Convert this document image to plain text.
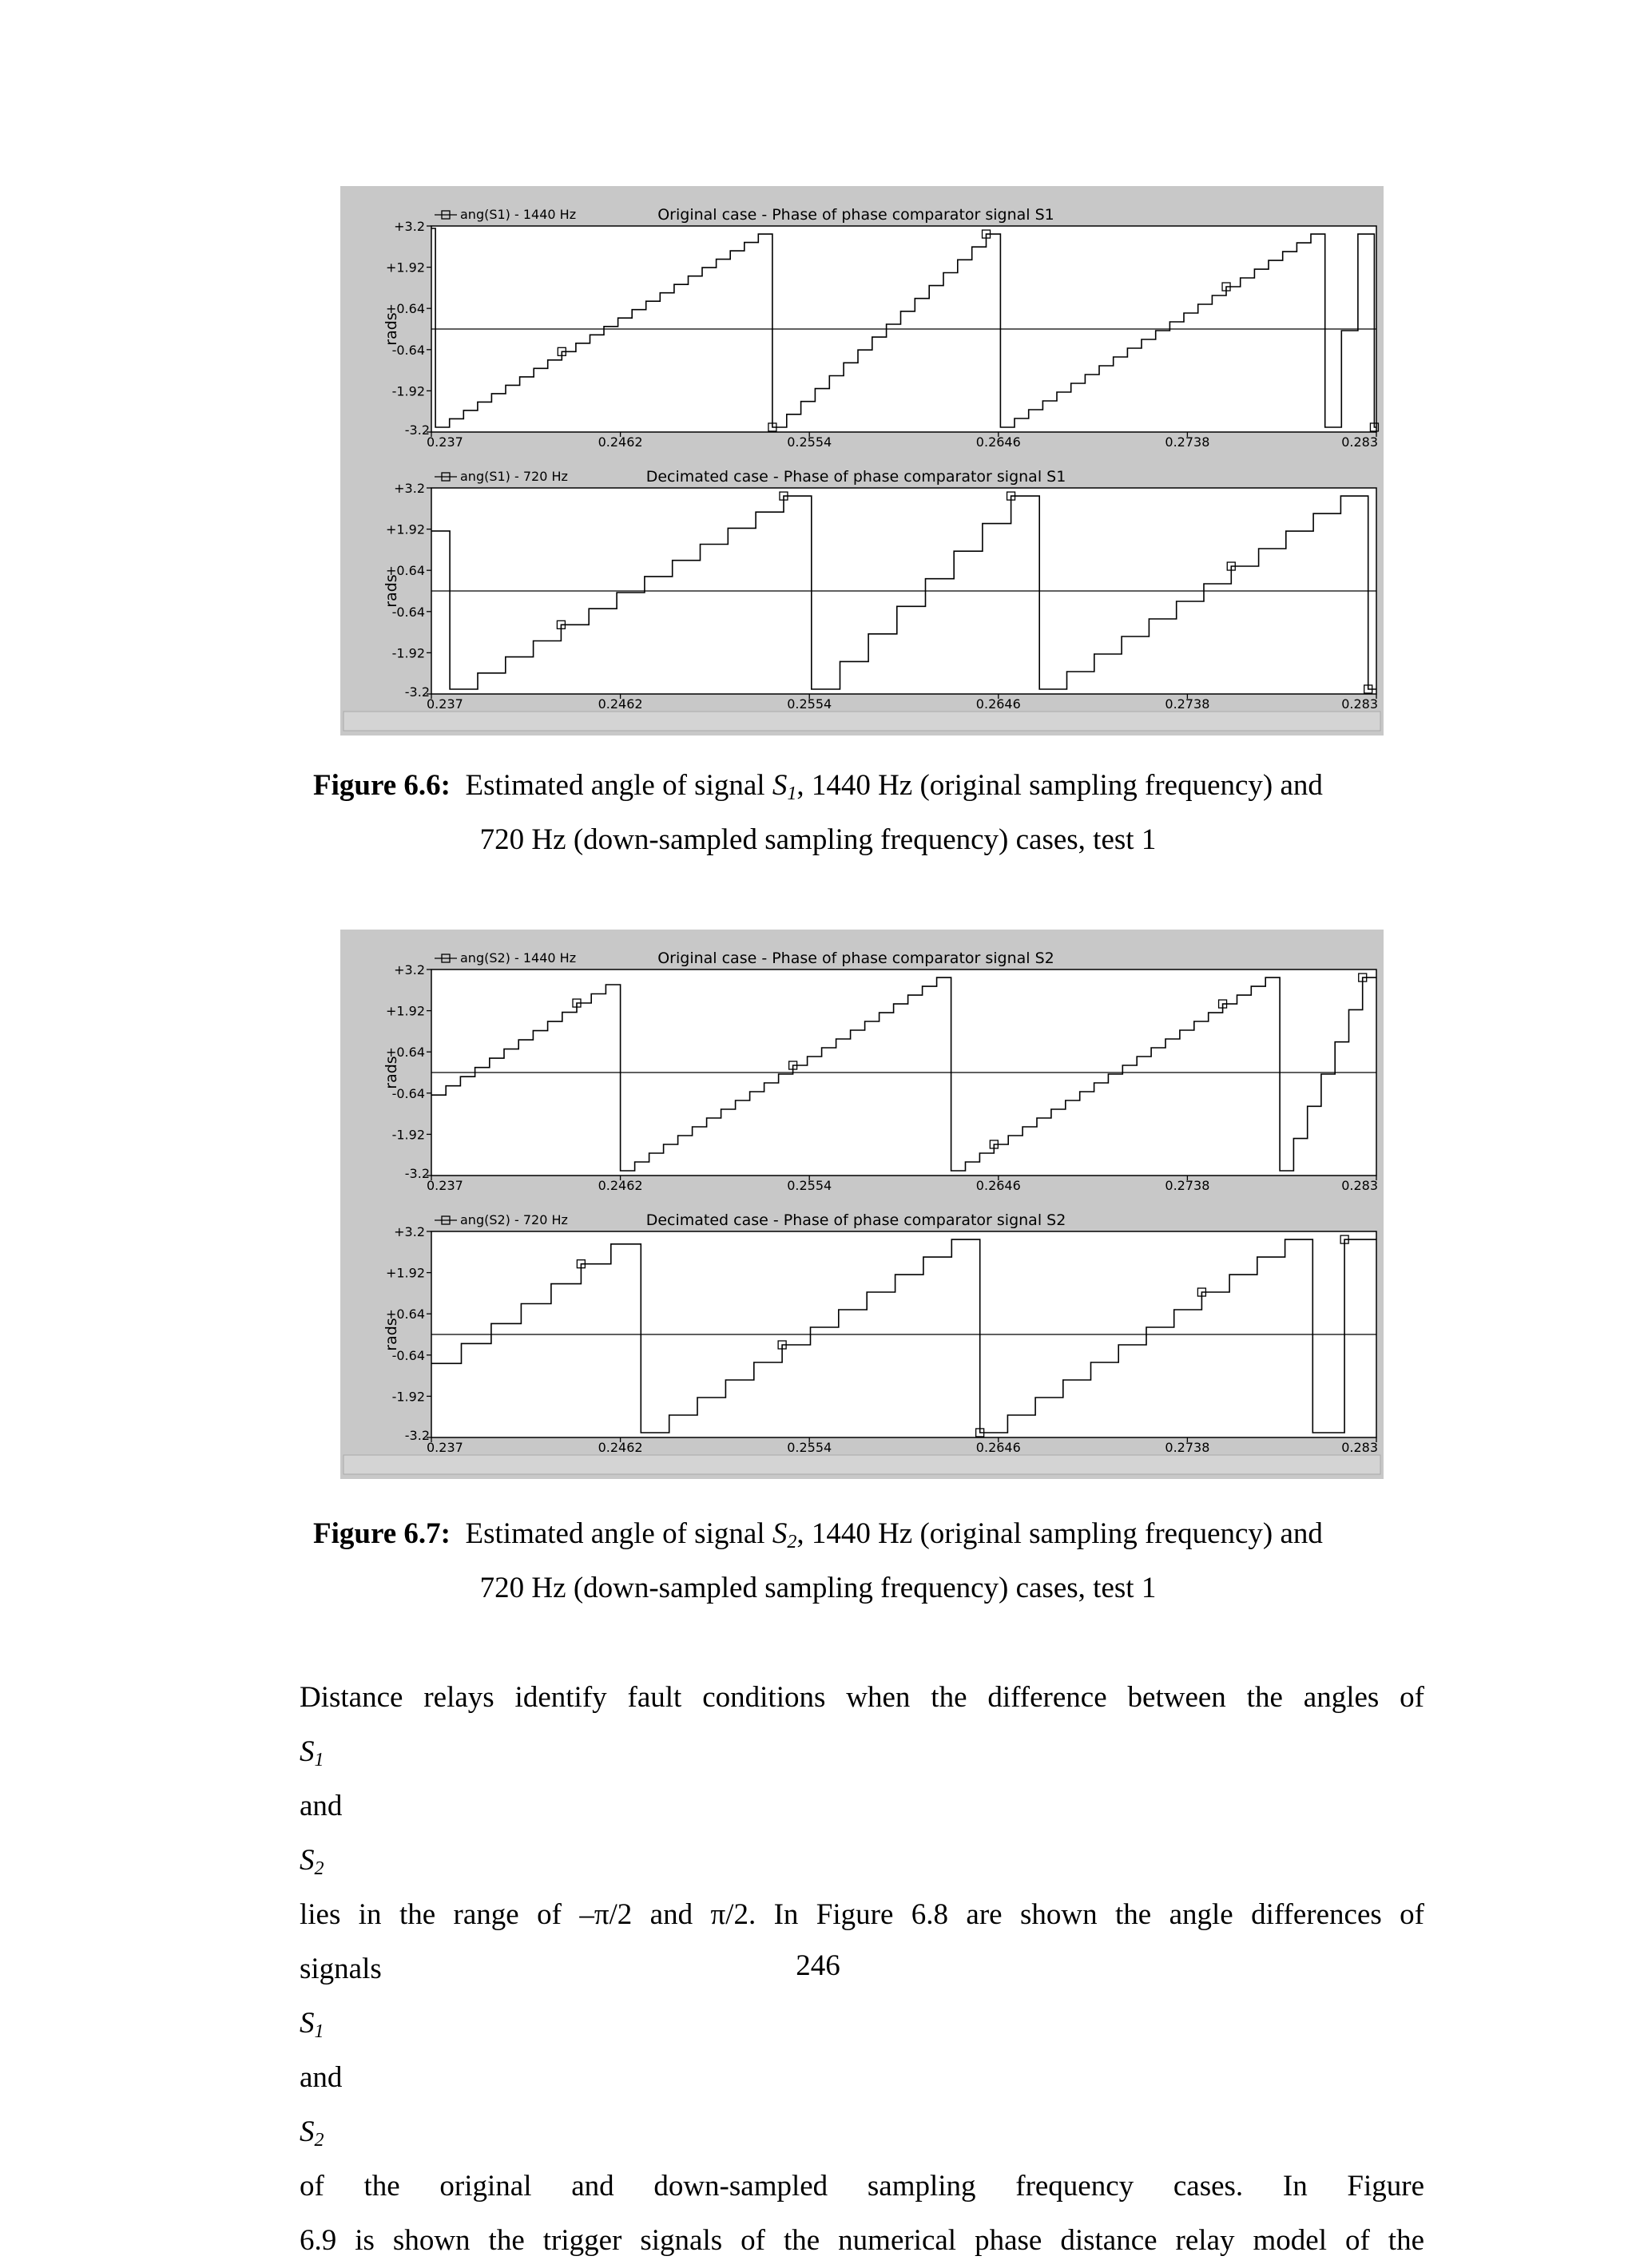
Original case - Phase of phase comparator signal S1
ang(S1) - 1440 Hz
+3.2
+1.92
+0.64
-0.64
-1.92
-3.2
rads
0.237	0.2462	0.2554	0.2646	0.2738	0.283
Decimated case - Phase of phase comparator signal S1
ang(S1) - 720 Hz
+3.2
+1.92
+0.64
-0.64
-1.92
-3.2
rads
0.237	0.2462	0.2554	0.2646	0.2738	0.283
Figure 6.6: Estimated angle of signal $S_1$, 1440 Hz (original sampling frequency) and
720 Hz (down-sampled sampling frequency) cases, test 1
Original case - Phase of phase comparator signal S2
ang(S2) - 1440 Hz
+3.2
+1.92
+0.64
-0.64
-1.92
-3.2
rads
0.237	0.2462	0.2554	0.2646	0.2738	0.283
Decimated case - Phase of phase comparator signal S2
ang(S2) - 720 Hz
+3.2
+1.92
+0.64
-0.64
-1.92
-3.2
rads
0.237	0.2462	0.2554	0.2646	0.2738	0.283
Figure 6.7: Estimated angle of signal $S_2$, 1440 Hz (original sampling frequency) and
720 Hz (down-sampled sampling frequency) cases, test 1
Distance relays identify fault conditions when the difference between the angles of
$S_1$
and
$S_2$
lies in the range of –π/2 and π/2. In Figure 6.8 are shown the angle differences of
signals
$S_1$
and
$S_2$
of the original and down-sampled sampling frequency cases. In Figure
6.9 is shown the trigger signals of the numerical phase distance relay model of the
246
